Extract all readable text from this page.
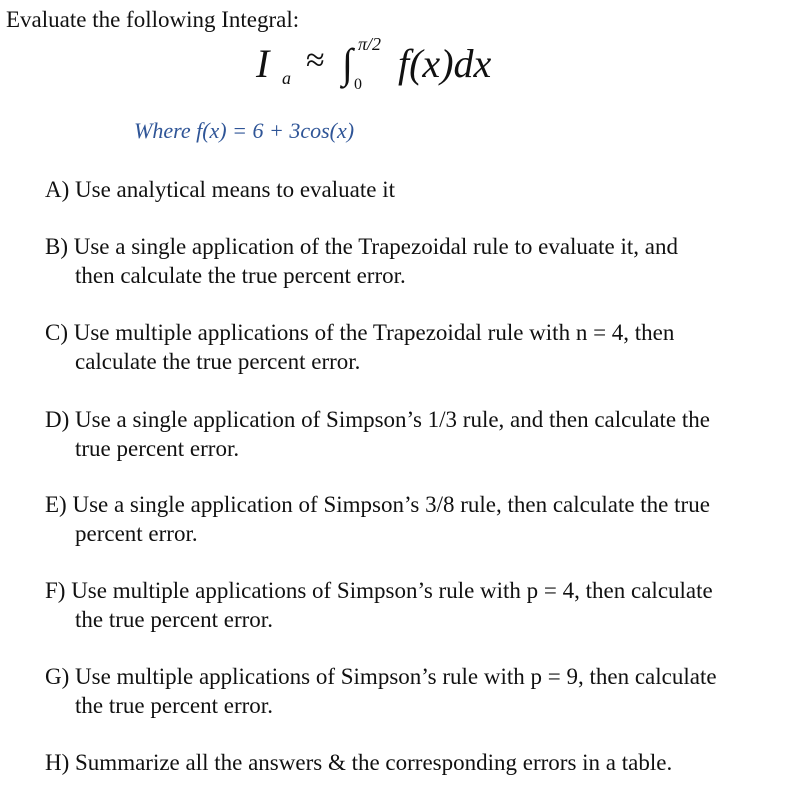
Evaluate the following Integral:
I a ≈ ∫ π/2
0 f(x)dx
Where f(x) = 6 + 3cos(x)
A) Use analytical means to evaluate it
B) Use a single application of the Trapezoidal rule to evaluate it, and
then calculate the true percent error.
C) Use multiple applications of the Trapezoidal rule with n = 4, then
calculate the true percent error.
D) Use a single application of Simpson’s 1/3 rule, and then calculate the
true percent error.
E) Use a single application of Simpson’s 3/8 rule, then calculate the true
percent error.
F) Use multiple applications of Simpson’s rule with p = 4, then calculate
the true percent error.
G) Use multiple applications of Simpson’s rule with p = 9, then calculate
the true percent error.
H) Summarize all the answers & the corresponding errors in a table.
